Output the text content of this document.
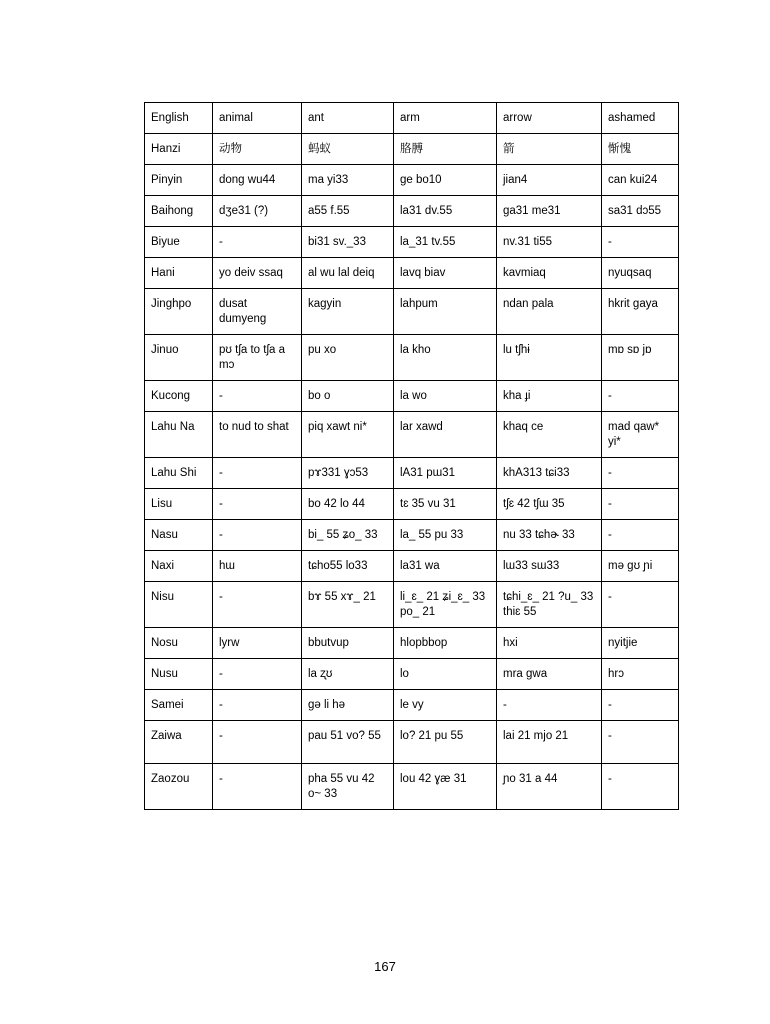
English	animal	ant	arm	arrow	ashamed
Hanzi	动物	蚂蚁	胳膊	箭	惭愧
Pinyin	dong wu44	ma yi33	ge bo10	jian4	can kui24
Baihong	dʒe31 (?)	a55 f.55	la31 dv.55	ga31 me31	sa31 dɔ55
Biyue	-	bi31 sv._33	la_31 tv.55	nv.31 ti55	-
Hani	yo deiv ssaq	al wu lal deiq	lavq biav	kavmiaq	nyuqsaq
Jinghpo	dusat dumyeng	kagyin	lahpum	ndan pala	hkrit gaya
Jinuo	pʊ tʃa to tʃa a mɔ	pu xo	la kho	lu tʃhɨ	mɒ sɒ jɒ
Kucong	-	bo o	la wo	kha ɟi	-
Lahu Na	to nud to shat	piq xawt ni*	lar xawd	khaq ce	mad qaw* yi*
Lahu Shi	-	pɤ331 ɣɔ53	lA31 pɯ31	khA313 tɕi33	-
Lisu	-	bo 42 lo 44	tɛ 35 vu 31	tʃɛ 42 tʃɯ 35	-
Nasu	-	bi_ 55 ʑo_ 33	la_ 55 pu 33	nu 33 tɕhɚ 33	-
Naxi	hɯ	tɕho55 lo33	la31 wa	lɯ33 sɯ33	mə gʊ ɲi
Nisu	-	bɤ 55 xɤ_ 21	li_ɛ_ 21 ʑi_ɛ_ 33 po_ 21	tɕhi_ɛ_ 21 ?u_ 33 thiɛ 55	-
Nosu	lyrw	bbutvup	hlopbbop	hxi	nyitjie
Nusu	-	la ʐʊ	lo	mra gwa	hrɔ
Samei	-	gə li hə	le vy	-	-
Zaiwa	-	pau 51 vo? 55	lo? 21 pu 55	lai 21 mjo 21	-
Zaozou	-	pha 55 vu 42 o~ 33	lou 42 ɣæ 31	ɲo 31 a 44	-
167
